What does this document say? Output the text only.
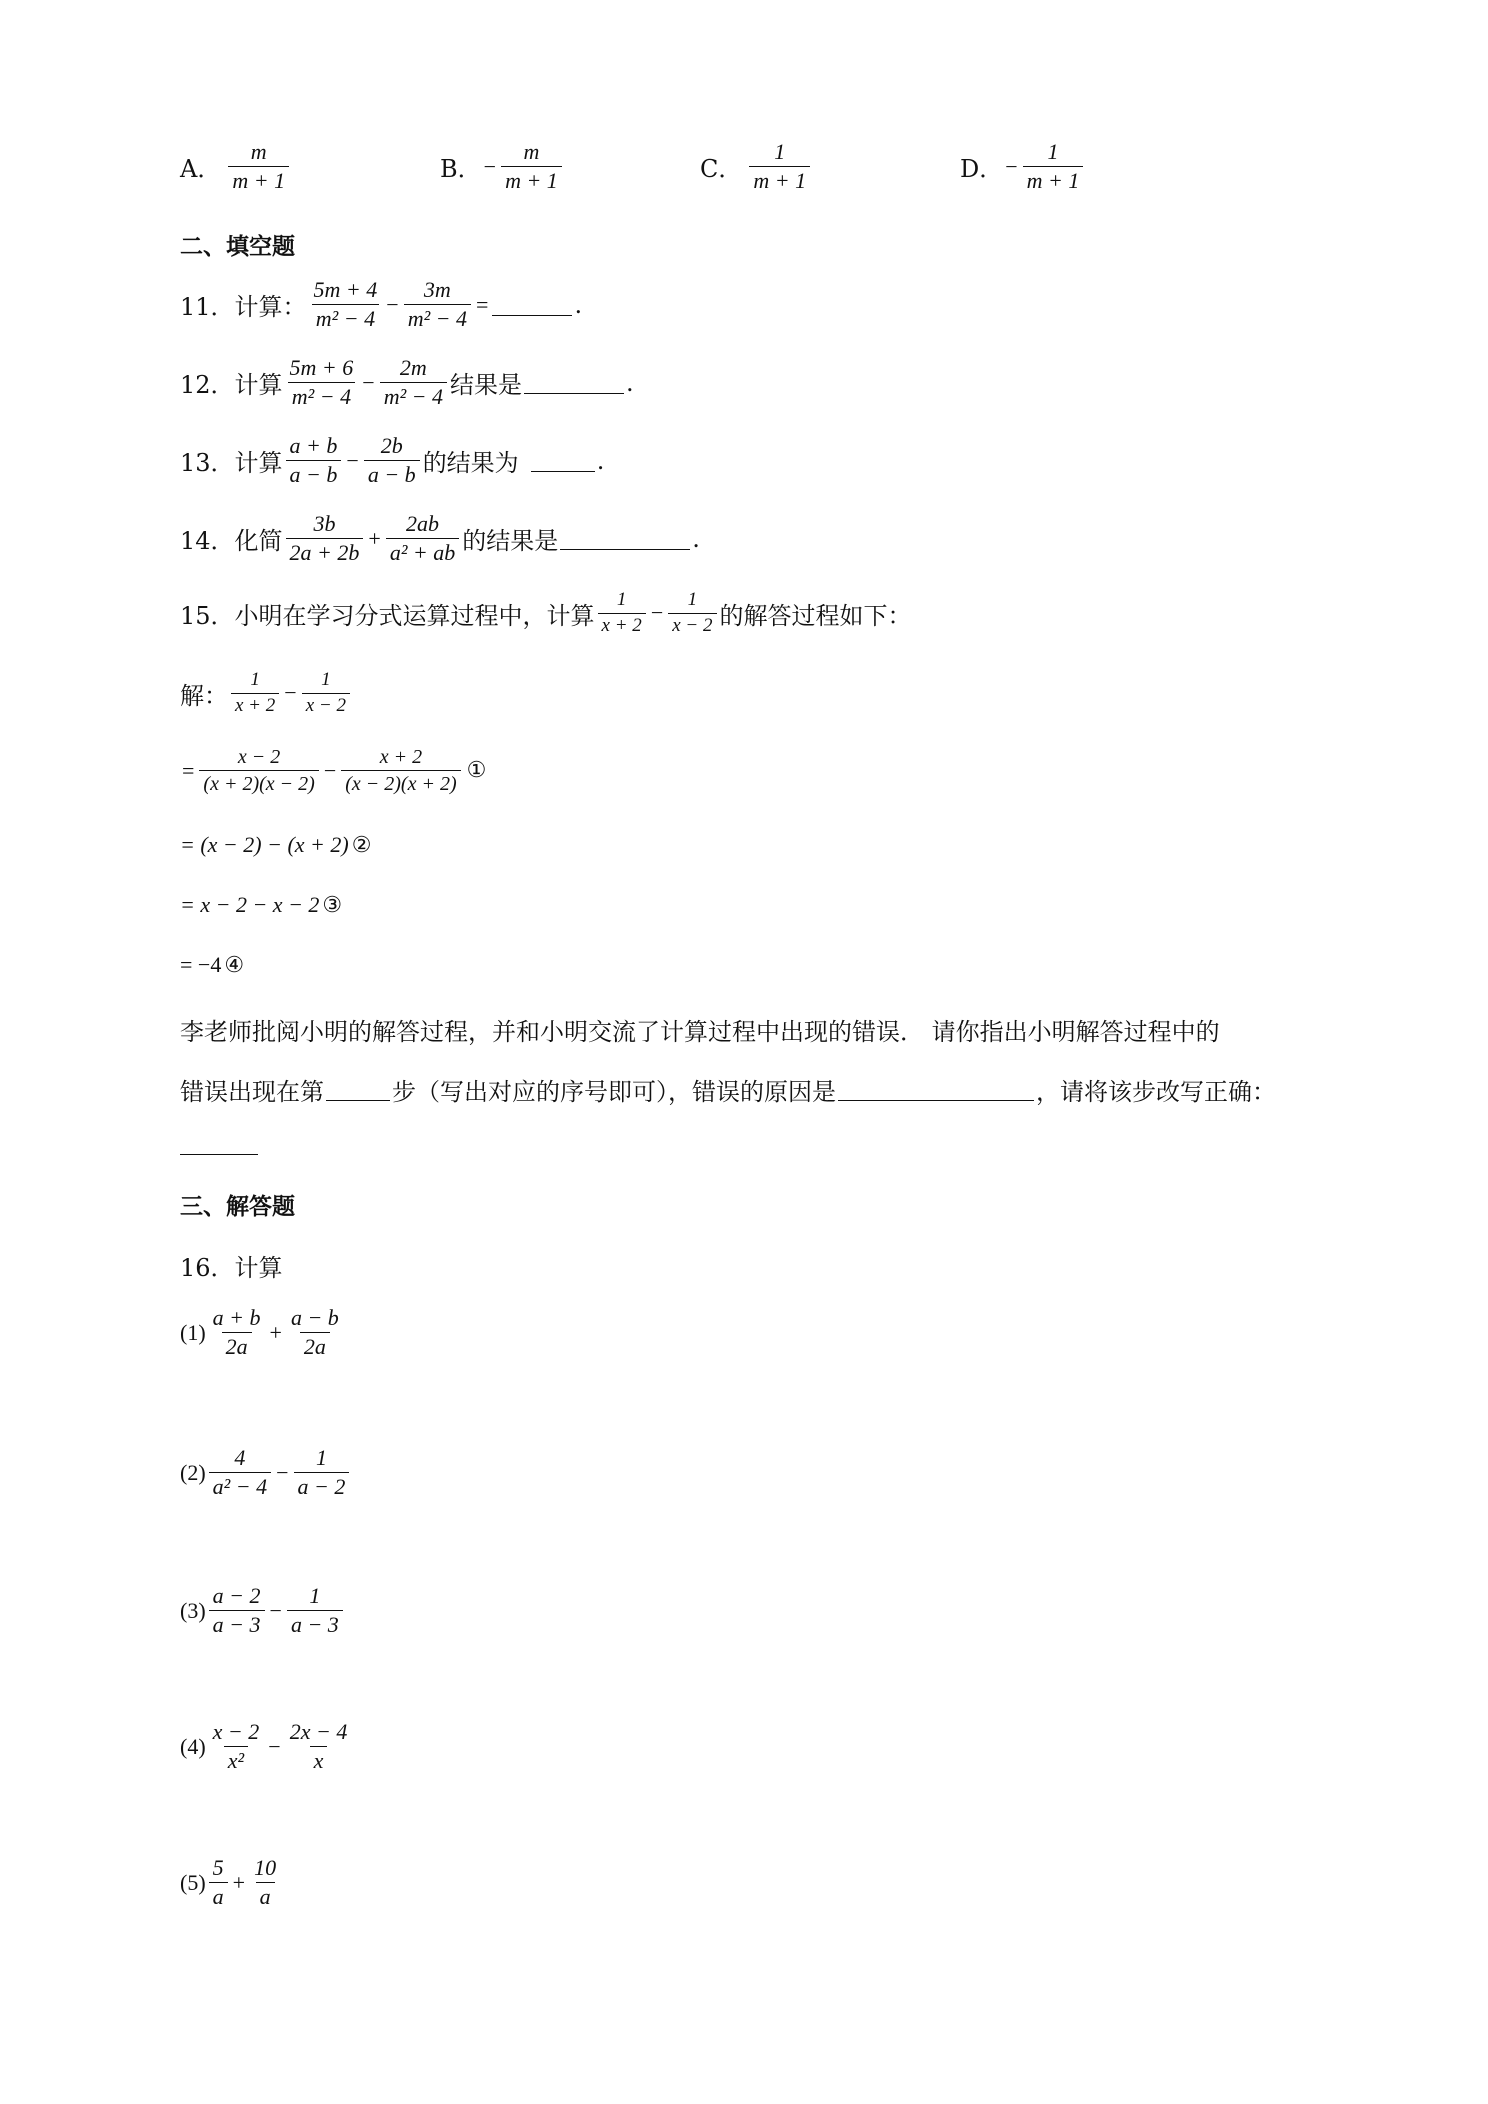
A． $\frac{m}{m + 1}$	B． − $\frac{m}{m + 1}$	C． $\frac{1}{m + 1}$	D． − $\frac{1}{m + 1}$
二、填空题
11．计算： $\frac{5m + 4}{\text{m² − 4}} - \frac{3m}{\text{m² − 4}}$ =	.
12．计算 $\frac{5m + 6}{\text{m² − 4}} - \frac{2m}{\text{m² − 4}}$ 结果是	.
13．计算 $\frac{a + b}{a - b} - \frac{2b}{a - b}$ 的结果为	.
14．化简 $\frac{3b}{2a + 2b} + \frac{2ab}{\text{a² + ab}}$ 的结果是	.
15．小明在学习分式运算过程中，计算 $\frac{1}{x + 2} - \frac{1}{x - 2}$ 的解答过程如下：
解： $\frac{1}{x + 2} - \frac{1}{x - 2}$
= $\frac{x - 2}{(x + 2)(x - 2)} - \frac{x + 2}{(x - 2)(x + 2)}$ ①
= (x − 2) − (x + 2) ②
= x − 2 − x − 2 ③
= −4 ④
李老师批阅小明的解答过程，并和小明交流了计算过程中出现的错误． 请你指出小明解答过程中的
错误出现在第	步（写出对应的序号即可），错误的原因是	，请将该步改写正确：
三、解答题
16．计算
$(1) \frac{a + b}{2a} + \frac{a - b}{2a}$
$(2) \frac{4}{\text{a² − 4}} - \frac{1}{a - 2}$
$(3) \frac{a - 2}{a - 3} - \frac{1}{a - 3}$
$(4) \frac{x - 2}{\text{x²}} - \frac{2x - 4}{x}$
$(5) \frac{5}{a} + \frac{10}{a}$
